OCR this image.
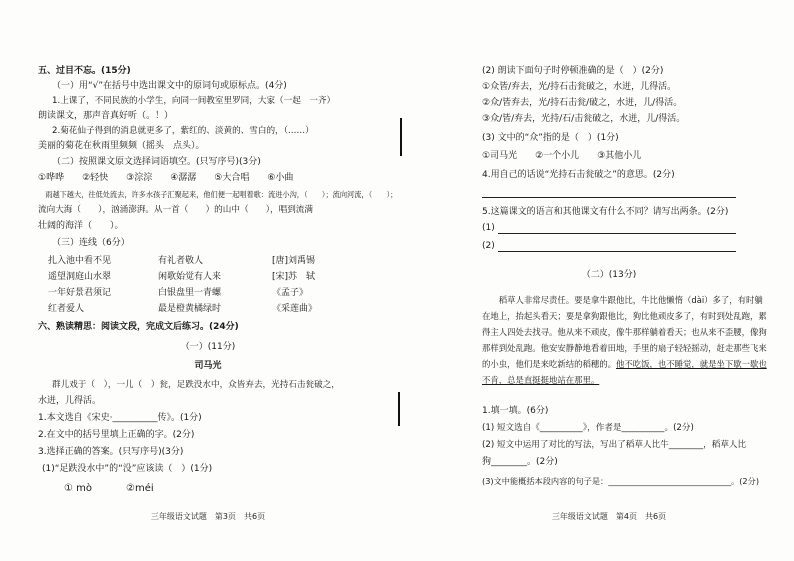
五、过目不忘。(15分)
（一）用“√”在括号中选出课文中的原词句或原标点。(4分)
1.上课了，不同民族的小学生，向同一间教室里罗同，大家（一起　一齐）
朗读课文，那声音真好听（。！）
2.菊花仙子得到的消息就更多了，紫红的、淡黄的、雪白的，（……）
美丽的菊花在秋雨里频频（摇头　点头）。
（二）按照课文原文选择词语填空。(只写序号)(3分)
①哗哗　　②轻快　　③淙淙　　④潺潺　　⑤大合唱　　⑥小曲
　雨越下越大，往低处流去，许多水孩子汇聚起来，他们便一起唱着歌：流进小沟，（　　）；流向河流，（　　）；
流向大海（　　），汹涌澎湃。从一首（　　）的山中（　　），唱到流满
壮阔的海洋（　　）。
（三）连线（6分）
扎入池中看不见
遥望洞庭山水翠
一年好景君须记
红者爱人
有礼者敬人
闲歌始觉有人来
白银盘里一青螺
最是橙黄橘绿时
[唐]刘禹锡
[宋]苏　轼
《孟子》
《采莲曲》
六、熟读精思：阅读文段，完成文后练习。(24分)
（一）(11分)
司马光
群儿戏于（　），一儿（　）瓮，足跌没水中，众皆弃去，光持石击瓮破之，
水迸，儿得活。
1.本文选自《宋史·__________传》。(1分)
2.在文中的括号里填上正确的字。(2分)
3.选择正确的答案。(只写序号)(3分)
(1)“足跌没水中”的“没”应该读（　）(1分)
① mò	②méi
三年级语文试题　第3页　共6页
(2) 朗读下面句子时停顿准确的是（　）(2分)
①众皆/弃去，光/持石击瓮破之，水迸，儿得活。
②众/皆弃去，光/持石击瓮/破之，水迸，儿/得活。
③众/皆/弃去，光持/石/击瓮破之，水迸，儿/得活。
(3) 文中的“众”指的是（　）(1分)
①司马光　　②一个小儿　　③其他小儿
4.用自己的话说“光持石击瓮破之”的意思。(2分)
5.这篇课文的语言和其他课文有什么不同？请写出两条。(2分)
(1)
(2)
（二）(13分)
　　稻草人非常尽责任。要是拿牛跟他比，牛比他懒惰（dài）多了，有时躺
在地上，抬起头看天；要是拿狗跟他比，狗比他顽皮多了，有时到处乱跑，累
得主人四处去找寻。他从来不顽皮，像牛那样躺着看天；也从来不歪腰，像狗
那样到处乱跑。他安安静静地看着田地，手里的扇子轻轻摇动，赶走那些飞来
的小虫，他们是来吃新结的稻穗的。他不吃饭，也不睡觉，就是坐下歇一歇也
不肯，总是直挺挺地站在那里。
1.填一填。(6分)
(1) 短文选自《__________》，作者是__________。(2分)
(2) 短文中运用了对比的写法，写出了稻草人比牛________，稻草人比
狗________。(2分)
(3)文中能概括本段内容的句子是：______________________________。(2分)
三年级语文试题　第4页　共6页
